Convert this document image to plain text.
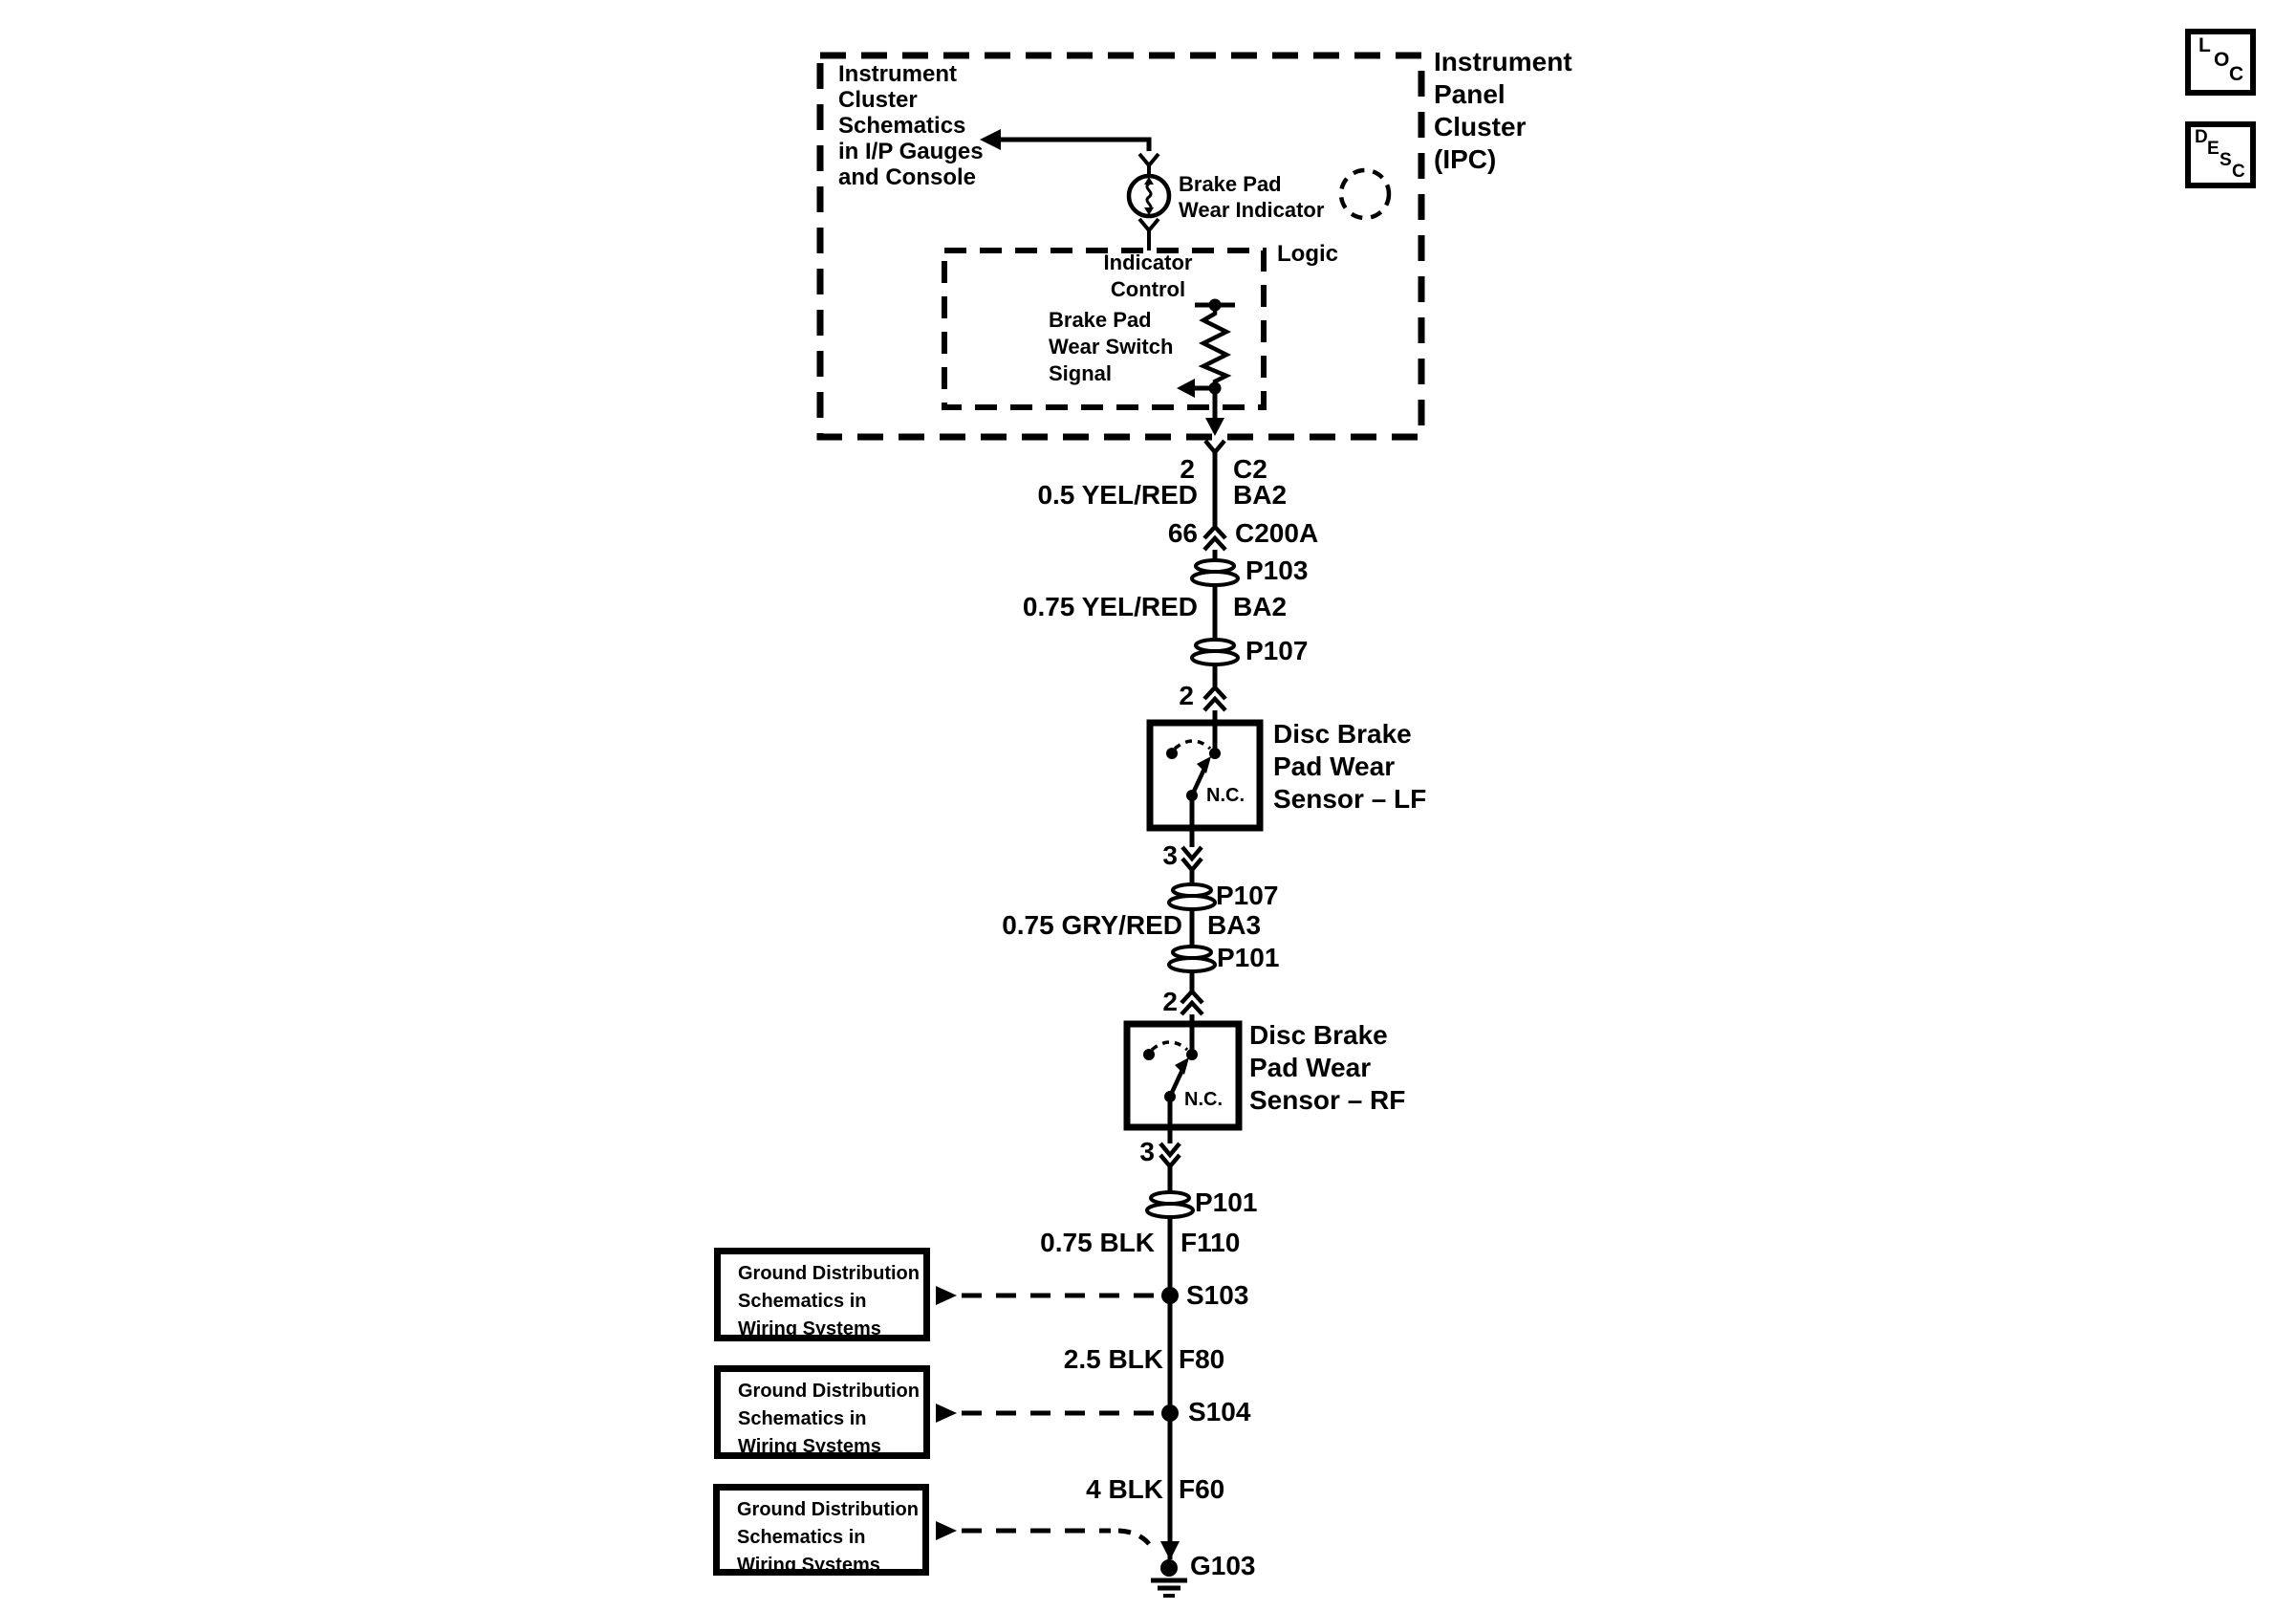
Instrument
Panel
Cluster
(IPC)
Instrument
Cluster
Schematics
in I/P Gauges
and Console	Brake Pad
Wear Indicator
Logic
Indicator
Control
Brake Pad
Wear Switch
Signal
2 C2
0.5 YEL/RED BA2
66 C200A
P103
0.75 YEL/RED BA2
P107
2
Disc Brake
Pad Wear
Sensor – LF
N.C.
3
P107
0.75 GRY/RED BA3
P101
2
Disc Brake
Pad Wear
Sensor – RF
N.C.
3
P101
0.75 BLK F110
S103
2.5 BLK F80
S104
4 BLK F60
G103
Ground Distribution
Schematics in
Wiring Systems
Ground Distribution
Schematics in
Wiring Systems
Ground Distribution
Schematics in
Wiring Systems
L
O
C
D
E
S
C
